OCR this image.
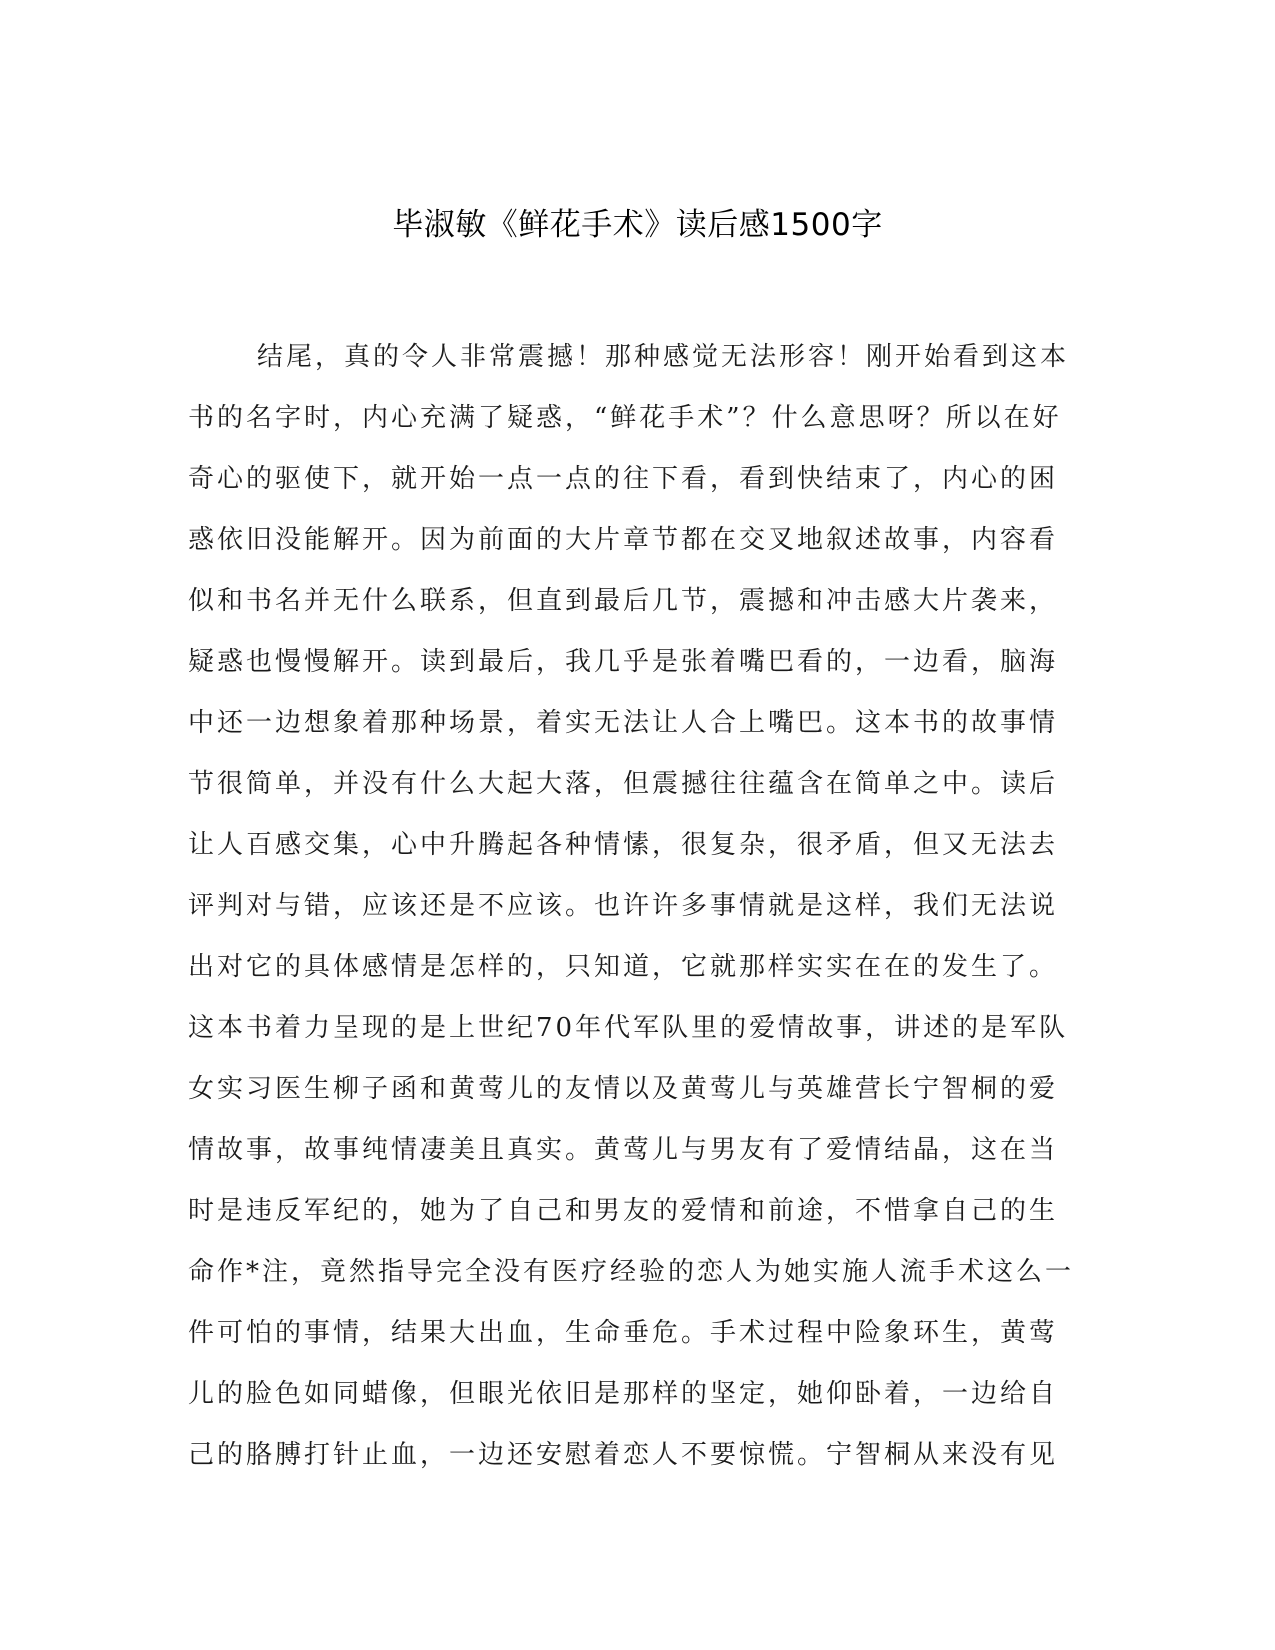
毕淑敏《鲜花手术》读后感1500字
结尾，真的令人非常震撼！那种感觉无法形容！刚开始看到这本
书的名字时，内心充满了疑惑，“鲜花手术”？什么意思呀？所以在好
奇心的驱使下，就开始一点一点的往下看，看到快结束了，内心的困
惑依旧没能解开。因为前面的大片章节都在交叉地叙述故事，内容看
似和书名并无什么联系，但直到最后几节，震撼和冲击感大片袭来，
疑惑也慢慢解开。读到最后，我几乎是张着嘴巴看的，一边看，脑海
中还一边想象着那种场景，着实无法让人合上嘴巴。这本书的故事情
节很简单，并没有什么大起大落，但震撼往往蕴含在简单之中。读后
让人百感交集，心中升腾起各种情愫，很复杂，很矛盾，但又无法去
评判对与错，应该还是不应该。也许许多事情就是这样，我们无法说
出对它的具体感情是怎样的，只知道，它就那样实实在在的发生了。
这本书着力呈现的是上世纪70年代军队里的爱情故事，讲述的是军队
女实习医生柳子函和黄莺儿的友情以及黄莺儿与英雄营长宁智桐的爱
情故事，故事纯情凄美且真实。黄莺儿与男友有了爱情结晶，这在当
时是违反军纪的，她为了自己和男友的爱情和前途，不惜拿自己的生
命作*注，竟然指导完全没有医疗经验的恋人为她实施人流手术这么一
件可怕的事情，结果大出血，生命垂危。手术过程中险象环生，黄莺
儿的脸色如同蜡像，但眼光依旧是那样的坚定，她仰卧着，一边给自
己的胳膊打针止血，一边还安慰着恋人不要惊慌。宁智桐从来没有见
